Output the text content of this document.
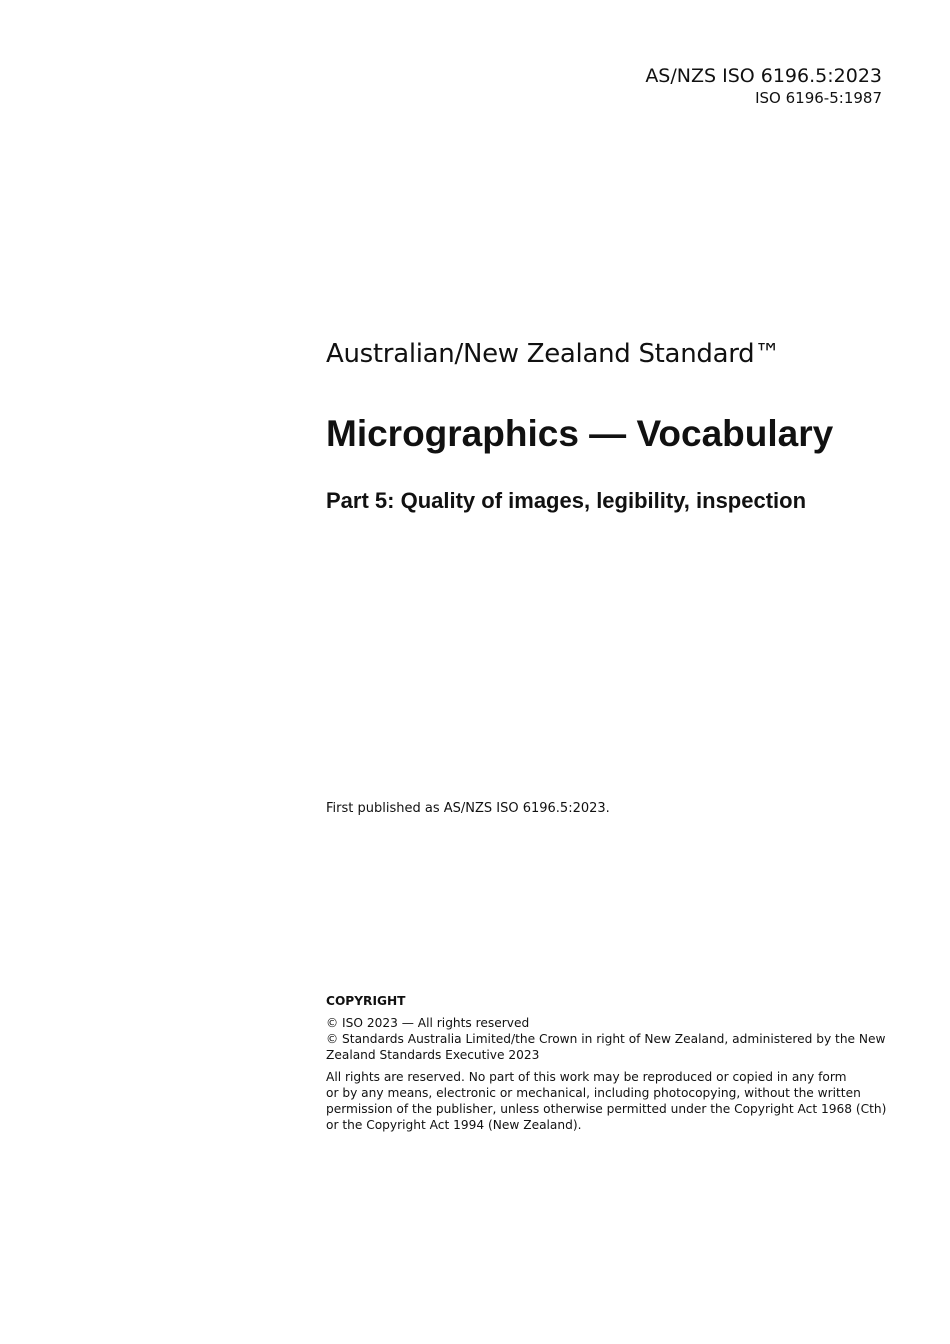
AS/NZS ISO 6196.5:2023
ISO 6196-5:1987
Australian/New Zealand Standard™
Micrographics — Vocabulary
Part 5: Quality of images, legibility, inspection
First published as AS/NZS ISO 6196.5:2023.
COPYRIGHT
© ISO 2023 — All rights reserved
© Standards Australia Limited/the Crown in right of New Zealand, administered by the New
Zealand Standards Executive 2023
All rights are reserved. No part of this work may be reproduced or copied in any form
or by any means, electronic or mechanical, including photocopying, without the written
permission of the publisher, unless otherwise permitted under the Copyright Act 1968 (Cth)
or the Copyright Act 1994 (New Zealand).
